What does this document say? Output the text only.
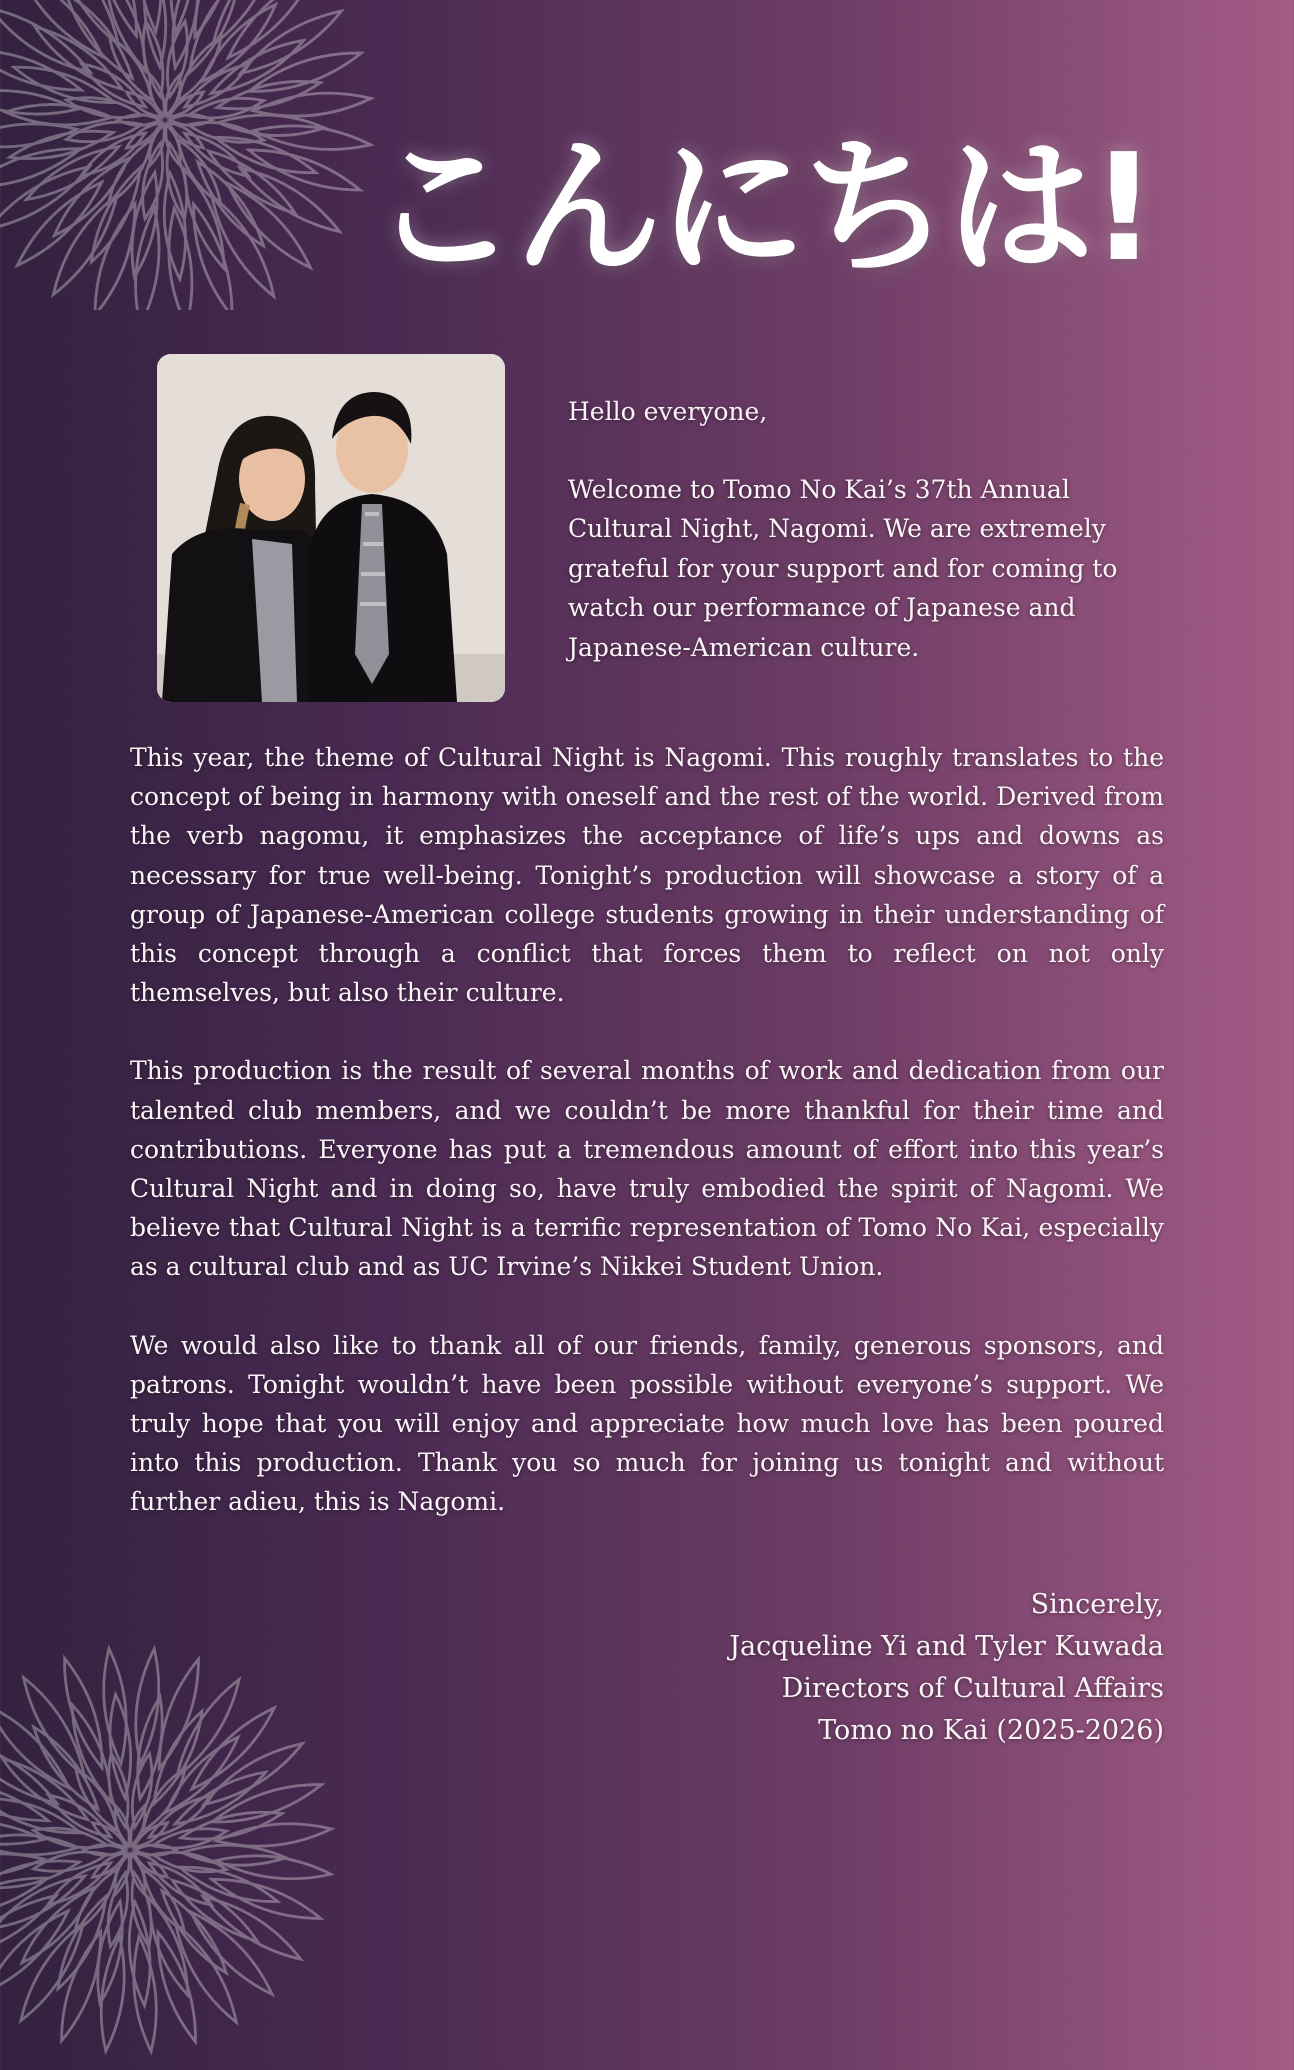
こんにちは!

Hello everyone,

Welcome to Tomo No Kai’s 37th Annual Cultural Night, Nagomi. We are extremely grateful for your support and for coming to watch our performance of Japanese and Japanese-American culture.

This year, the theme of Cultural Night is Nagomi. This roughly translates to the concept of being in harmony with oneself and the rest of the world. Derived from the verb nagomu, it emphasizes the acceptance of life’s ups and downs as necessary for true well-being. Tonight’s production will showcase a story of a group of Japanese-American college students growing in their understanding of this concept through a conflict that forces them to reflect on not only themselves, but also their culture.

This production is the result of several months of work and dedication from our talented club members, and we couldn’t be more thankful for their time and contributions. Everyone has put a tremendous amount of effort into this year’s Cultural Night and in doing so, have truly embodied the spirit of Nagomi. We believe that Cultural Night is a terrific representation of Tomo No Kai, especially as a cultural club and as UC Irvine’s Nikkei Student Union.

We would also like to thank all of our friends, family, generous sponsors, and patrons. Tonight wouldn’t have been possible without everyone’s support. We truly hope that you will enjoy and appreciate how much love has been poured into this production. Thank you so much for joining us tonight and without further adieu, this is Nagomi.

Sincerely,
Jacqueline Yi and Tyler Kuwada
Directors of Cultural Affairs
Tomo no Kai (2025-2026)
